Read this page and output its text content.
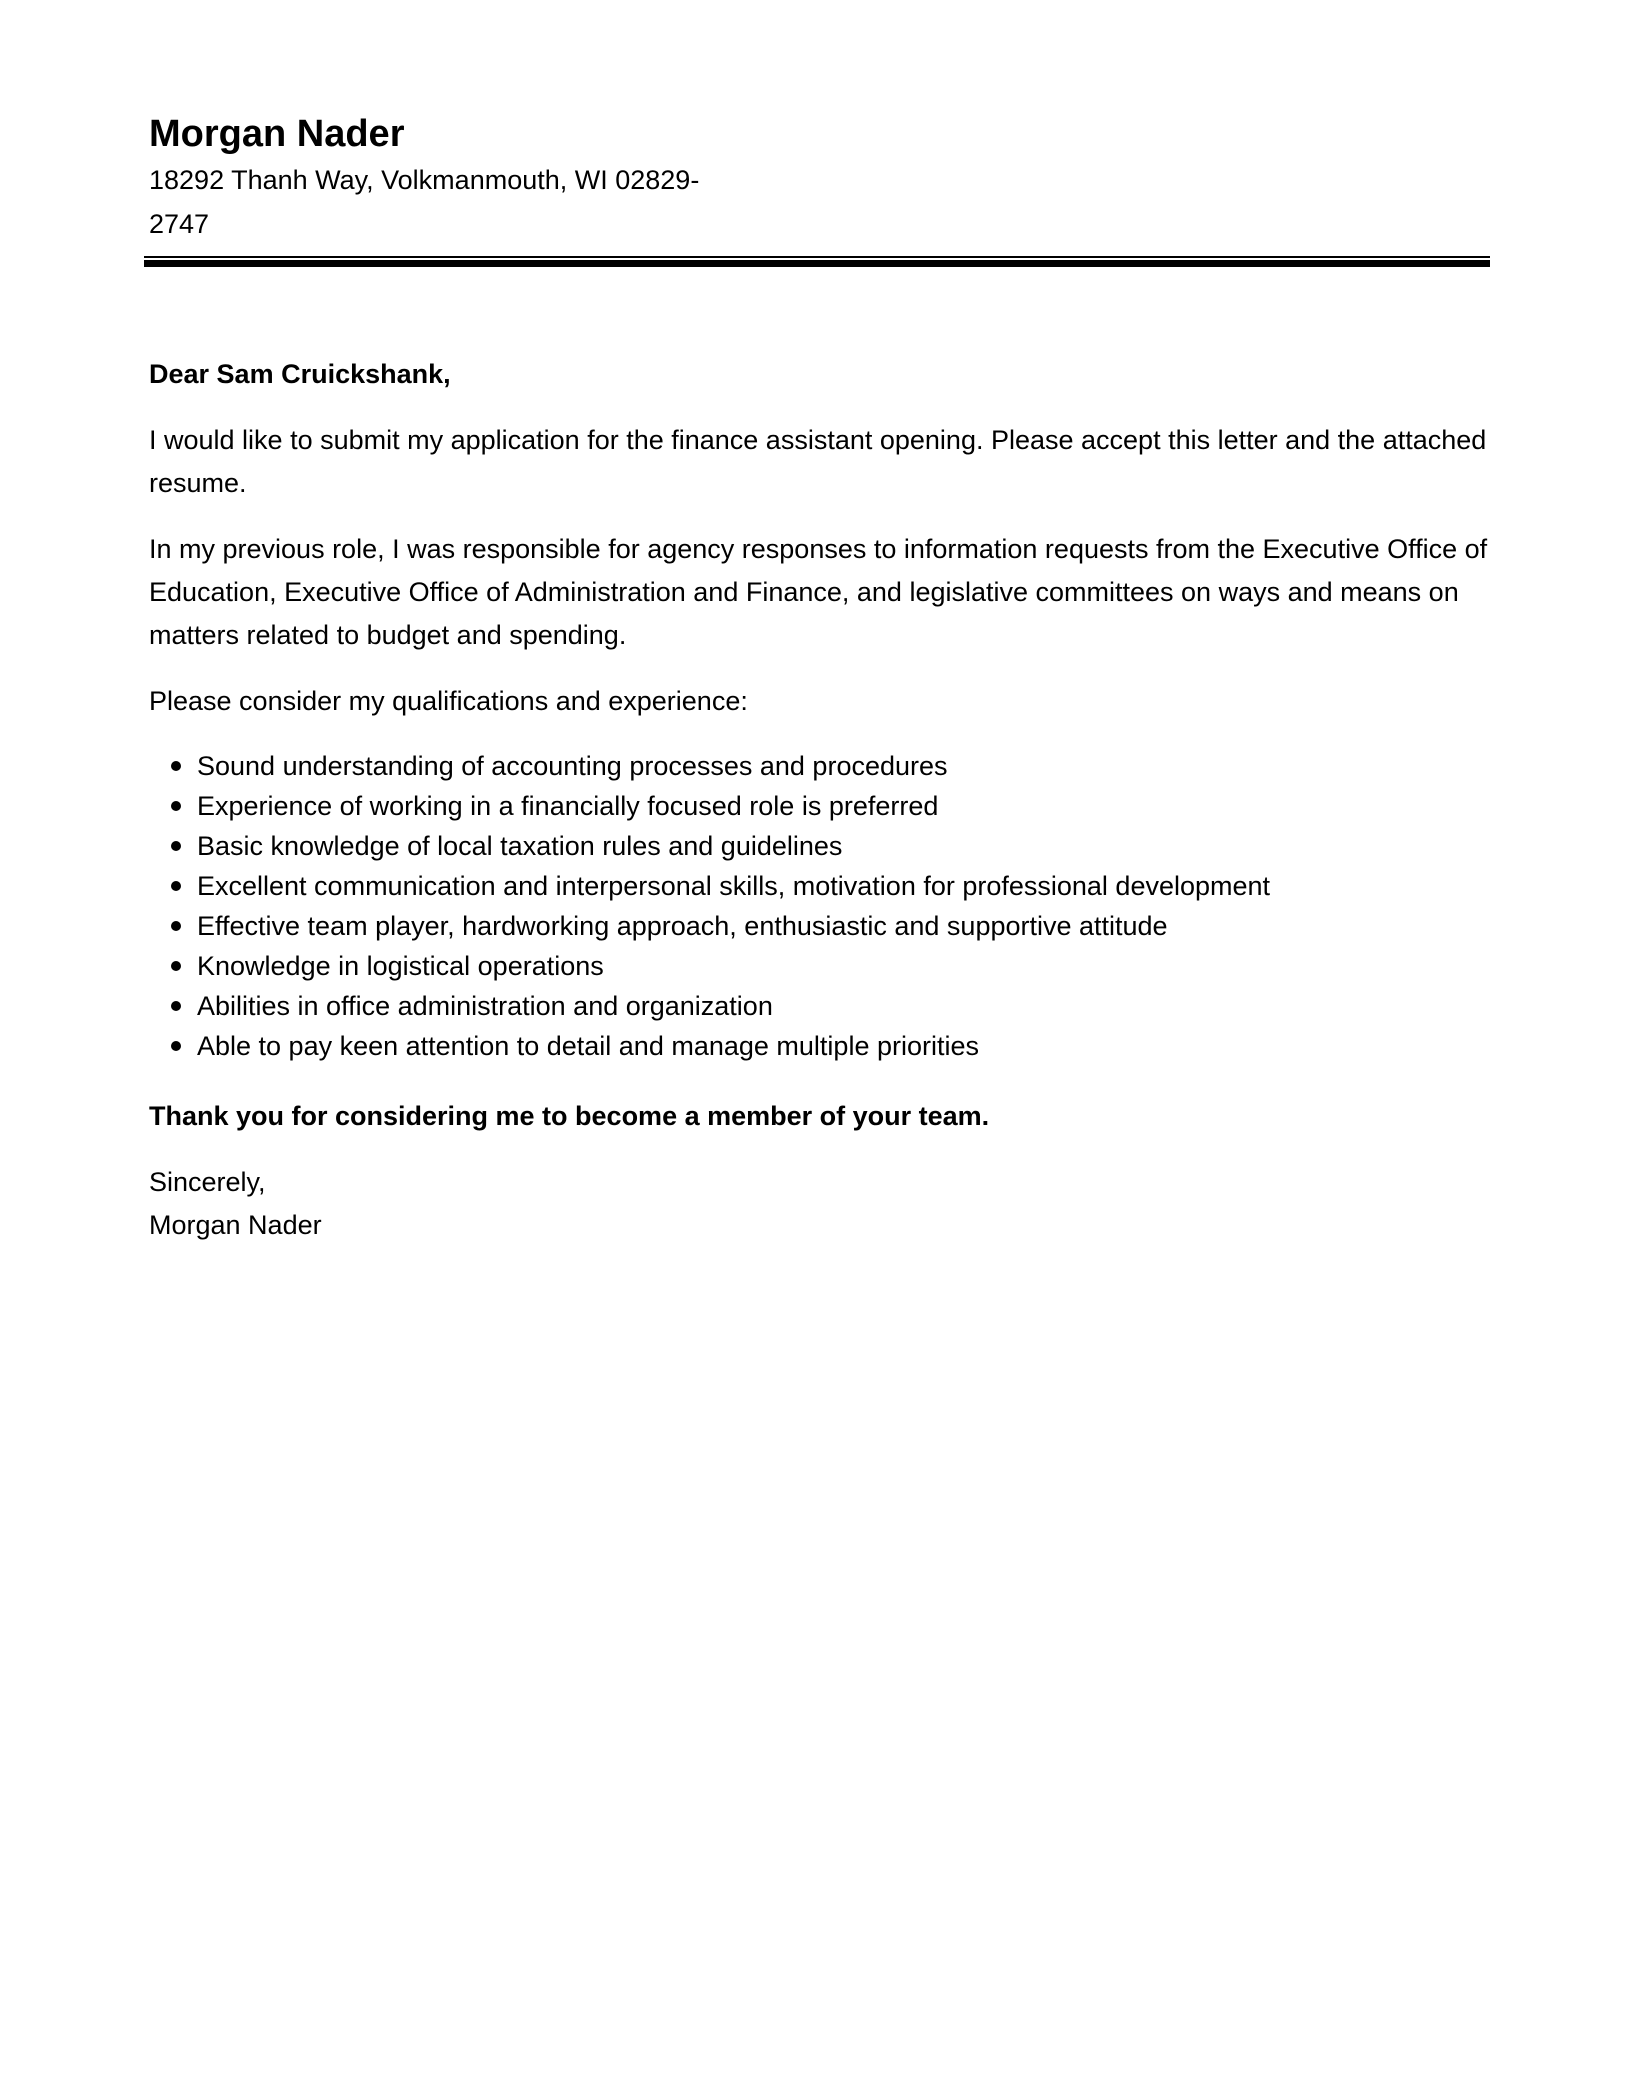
Morgan Nader
18292 Thanh Way, Volkmanmouth, WI 02829-
2747

Dear Sam Cruickshank,

I would like to submit my application for the finance assistant opening. Please accept this letter and the attached resume.

In my previous role, I was responsible for agency responses to information requests from the Executive Office of Education, Executive Office of Administration and Finance, and legislative committees on ways and means on matters related to budget and spending.

Please consider my qualifications and experience:

Sound understanding of accounting processes and procedures
Experience of working in a financially focused role is preferred
Basic knowledge of local taxation rules and guidelines
Excellent communication and interpersonal skills, motivation for professional development
Effective team player, hardworking approach, enthusiastic and supportive attitude
Knowledge in logistical operations
Abilities in office administration and organization
Able to pay keen attention to detail and manage multiple priorities

Thank you for considering me to become a member of your team.

Sincerely,

Morgan Nader
